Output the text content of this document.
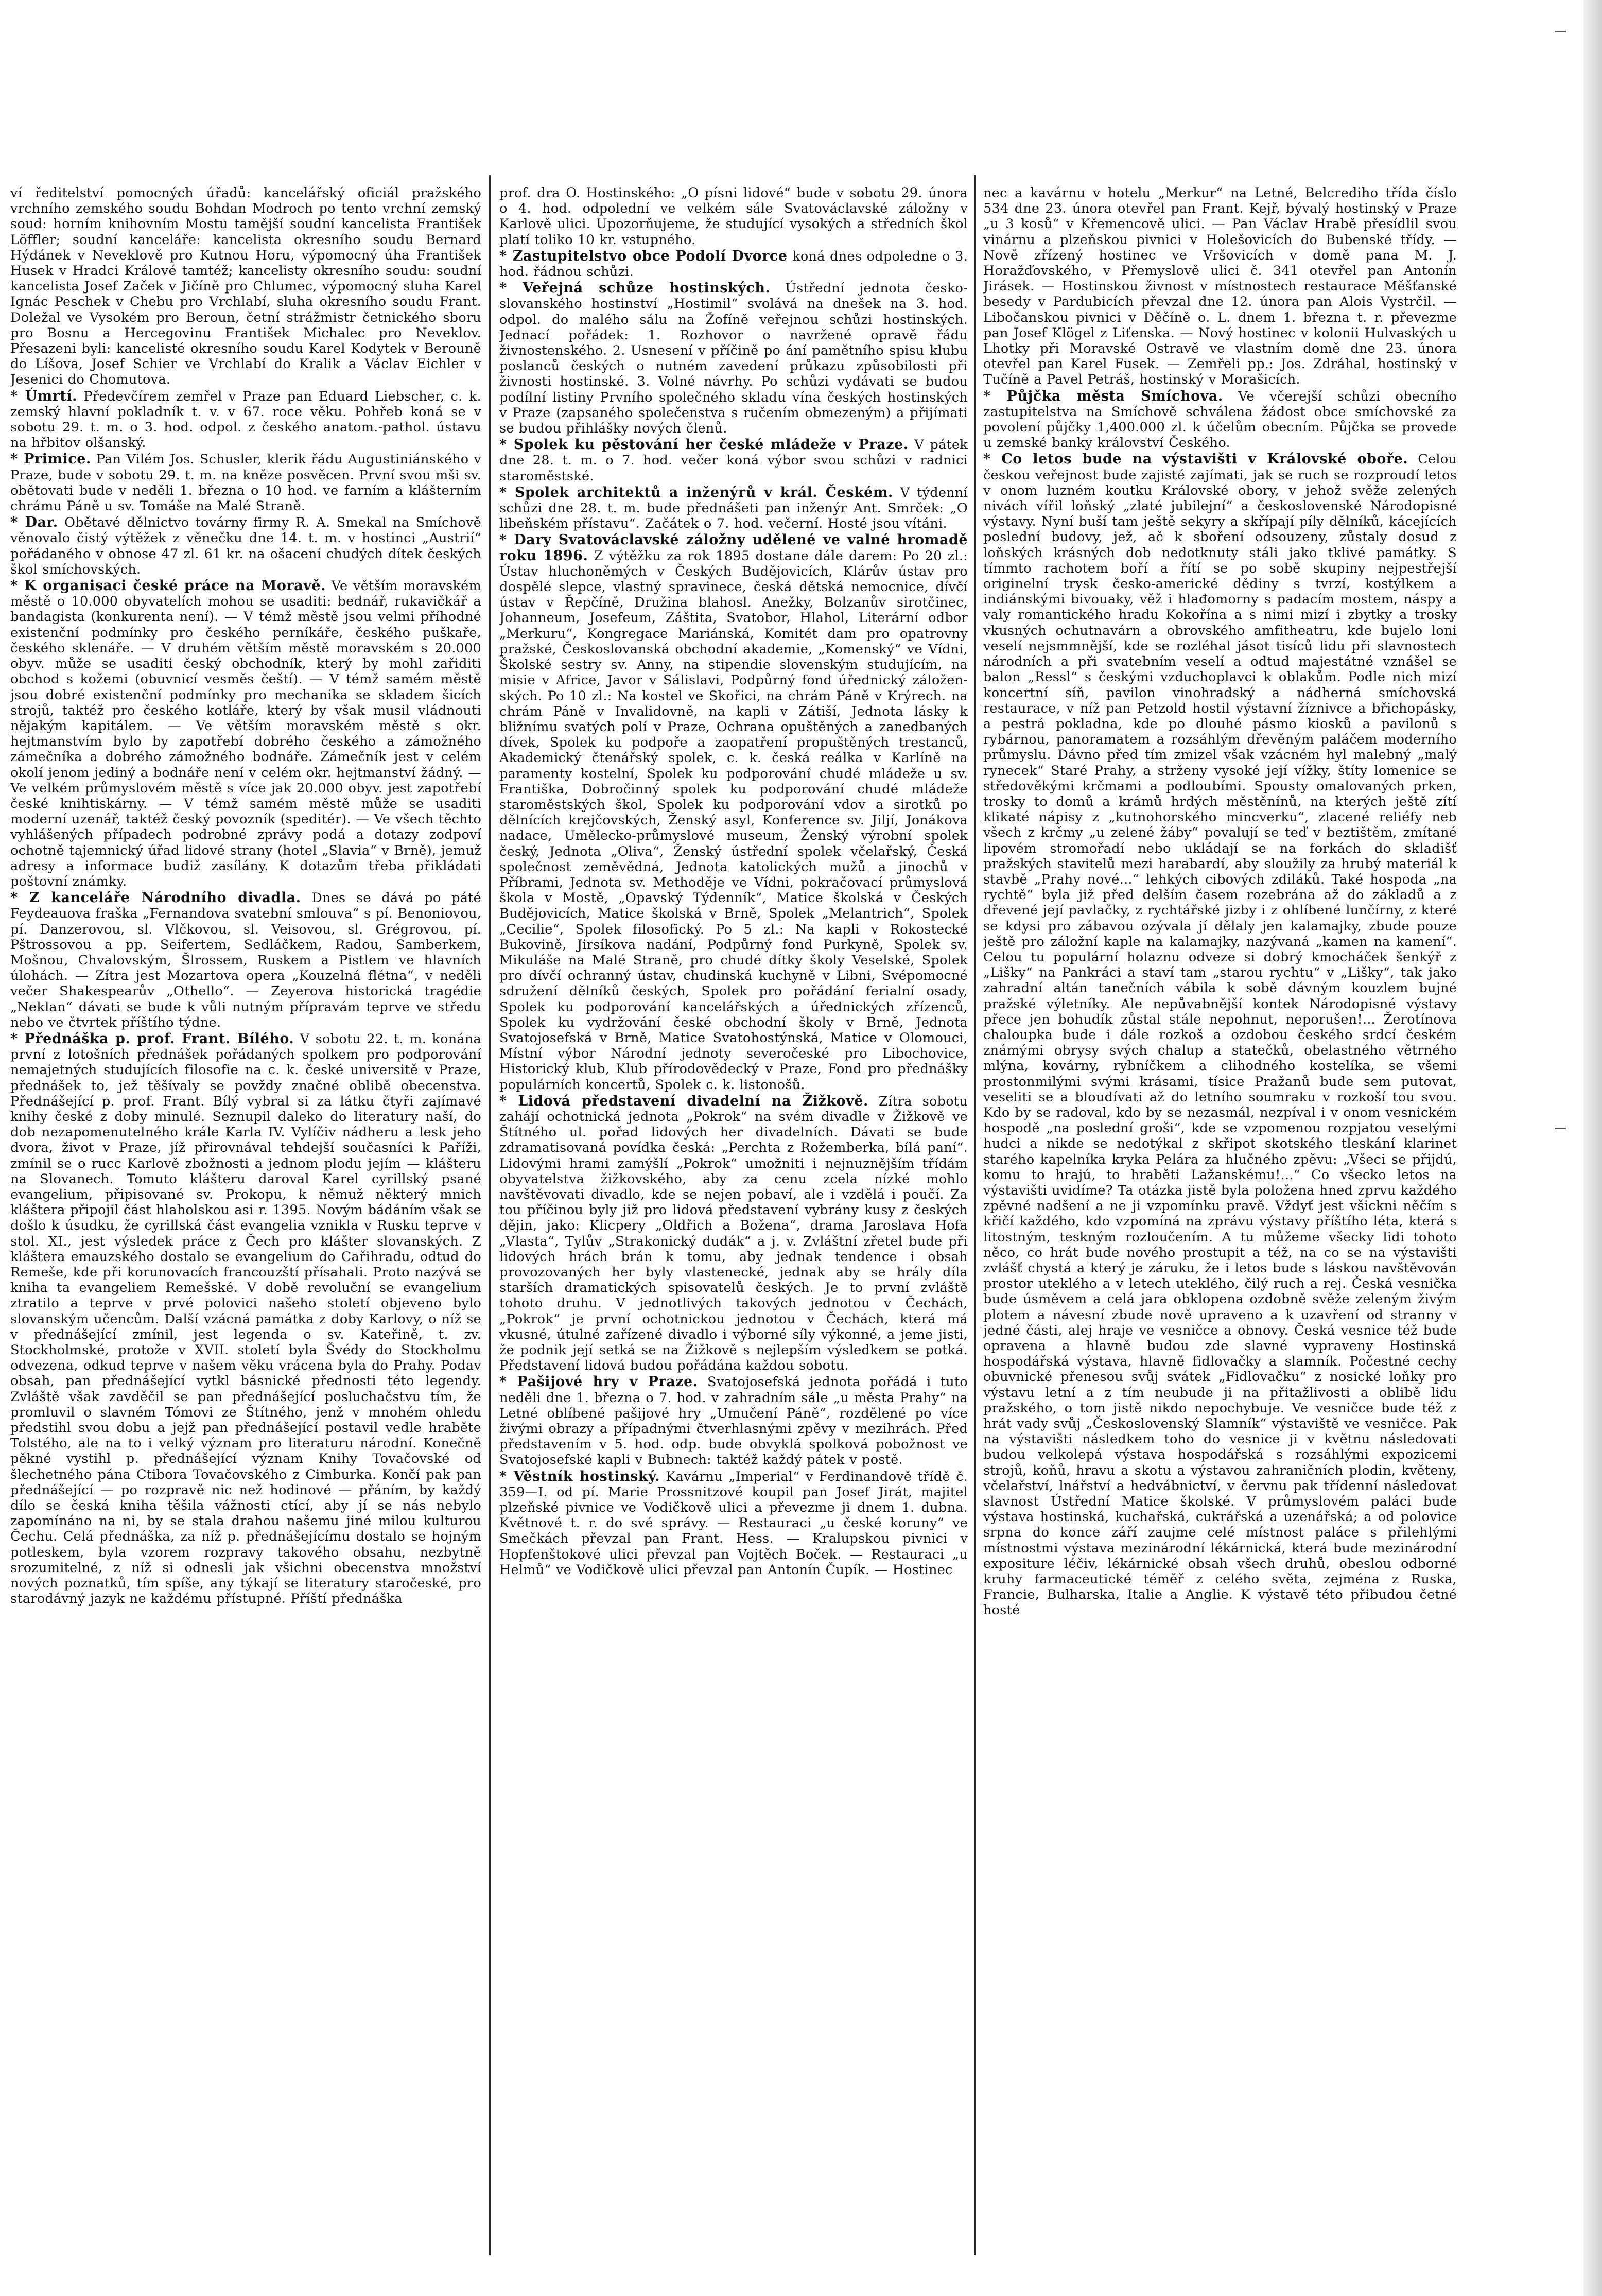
ví ředitelství pomocných úřadů: kancelářský oficiál pražského vrchního zemského soudu Bohdan Modroch po tento vrchní zemský soud: horním knihovním Mostu tamější soudní kancelista František Löffler; soudní kanceláře: kancelista okresního soudu Bernard Hýdánek v Neveklově pro Kutnou Horu, výpomocný úha František Husek v Hradci Králové tamtéž; kancelisty okresního soudu: soudní kancelista Josef Začek v Jičíně pro Chlumec, výpomocný sluha Karel Ignác Peschek v Chebu pro Vrchlabí, sluha okresního soudu Frant. Doležal ve Vysokém pro Beroun, četní strážmistr četnického sboru pro Bosnu a Hercegovinu František Michalec pro Neveklov. Přesazeni byli: kancelisté okresního soudu Karel Kodytek v Berouně do Líšova, Josef Schier ve Vrchlabí do Kralik a Václav Eichler v Jesenici do Chomutova.

* Úmrtí. Předevčírem zemřel v Praze pan Eduard Liebscher, c. k. zemský hlavní pokladník t. v. v 67. roce věku. Pohřeb koná se v sobotu 29. t. m. o 3. hod. odpol. z českého anatom.-pathol. ústavu na hřbitov olšanský.

* Primice. Pan Vilém Jos. Schusler, klerik řádu Augustiniánského v Praze, bude v sobotu 29. t. m. na kněze posvěcen. První svou mši sv. obětovati bude v neděli 1. března o 10 hod. ve farním a klášterním chrámu Páně u sv. Tomáše na Malé Straně.

* Dar. Obětavé dělnictvo továrny firmy R. A. Smekal na Smíchově věnovalo čistý výtěžek z věnečku dne 14. t. m. v hostinci „Austrií“ pořádaného v obnose 47 zl. 61 kr. na ošacení chudých dítek českých škol smíchovských.

* K organisaci české práce na Moravě. Ve větším moravském městě o 10.000 obyvatelích mohou se usaditi: bednář, rukavičkář a bandagista (konkurenta není). — V témž městě jsou velmi příhodné existenční podmínky pro českého perníkáře, českého puškaře, českého sklenáře. — V druhém větším městě moravském s 20.000 obyv. může se usaditi český obchodník, který by mohl zařiditi obchod s kožemi (obuvnicí vesměs čeští). — V témž samém městě jsou dobré existenční podmínky pro mechanika se skladem šicích strojů, taktéž pro českého kotláře, který by však musil vládnouti nějakým kapitálem. — Ve větším moravském městě s okr. hejtmanstvím bylo by zapotřebí dobrého českého a zámožného zámečníka a dobrého zámožného bodnáře. Zámečník jest v celém okolí jenom jediný a bodnáře není v celém okr. hejtmanství žádný. — Ve velkém průmyslovém městě s více jak 20.000 obyv. jest zapotřebí české knihtiskárny. — V témž samém městě může se usaditi moderní uzenář, taktéž český povozník (speditér). — Ve všech těchto vyhlášených případech podrobné zprávy podá a dotazy zodpoví ochotně tajemnický úřad lidové strany (hotel „Slavia“ v Brně), jemuž adresy a informace budiž zasílány. K dotazům třeba přikládati poštovní známky.

* Z kanceláře Národního divadla. Dnes se dává po páté Feydeauova fraška „Fernandova svatební smlouva“ s pí. Benoniovou, pí. Danzerovou, sl. Vlčkovou, sl. Veisovou, sl. Grégrovou, pí. Pštrossovou a pp. Seifertem, Sedláčkem, Radou, Samberkem, Mošnou, Chvalovským, Šlrossem, Ruskem a Pistlem ve hlavních úlohách. — Zítra jest Mozartova opera „Kouzelná flétna“, v neděli večer Shakespearův „Othello“. — Zeyerova historická tragédie „Neklan“ dávati se bude k vůli nutným přípravám teprve ve středu nebo ve čtvrtek příštího týdne.

* Přednáška p. prof. Frant. Bílého. V sobotu 22. t. m. konána první z lotošních přednášek pořádaných spolkem pro podporování nemajetných studujících filosofie na c. k. české universitě v Praze, přednášek to, jež těšívaly se povždy značné oblibě obecenstva. Přednášející p. prof. Frant. Bílý vybral si za látku čtyři zajímavé knihy české z doby minulé. Seznupil daleko do literatury naší, do dob nezapomenutelného krále Karla IV. Vylíčiv nádheru a lesk jeho dvora, život v Praze, jíž přirovnával tehdejší současníci k Paříži, zmínil se o rucc Karlově zbožnosti a jednom plodu jejím — klášteru na Slovanech. Tomuto klášteru daroval Karel cyrillský psané evangelium, připisované sv. Prokopu, k němuž některý mnich kláštera připojil část hlaholskou asi r. 1395. Novým bádáním však se došlo k úsudku, že cyrillská část evangelia vznikla v Rusku teprve v stol. XI., jest výsledek práce z Čech pro klášter slovanských. Z kláštera emauzského dostalo se evangelium do Cařihradu, odtud do Remeše, kde při korunovacích francouzští přísahali. Proto nazývá se kniha ta evangeliem Remešské. V době revoluční se evangelium ztratilo a teprve v prvé polovici našeho století objeveno bylo slovanským učencům. Další vzácná památka z doby Karlovy, o níž se v přednášející zmínil, jest legenda o sv. Kateřině, t. zv. Stockholmské, protože v XVII. století byla Švédy do Stockholmu odvezena, odkud teprve v našem věku vrácena byla do Prahy. Podav obsah, pan přednášející vytkl básnické přednosti této legendy. Zvláště však zavděčil se pan přednášející posluchačstvu tím, že promluvil o slavném Tómovi ze Štítného, jenž v mnohém ohledu předstihl svou dobu a jejž pan přednášející postavil vedle hraběte Tolstého, ale na to i velký význam pro literaturu národní. Konečně pěkné vystihl p. přednášející význam Knihy Tovačovské od šlechetného pána Ctibora Tovačovského z Cimburka. Končí pak pan přednášející — po rozpravě nic než hodinové — přáním, by každý dílo se česká kniha těšila vážnosti ctící, aby jí se nás nebylo zapomínáno na ni, by se stala drahou našemu jiné milou kulturou Čechu. Celá přednáška, za níž p. přednášejícímu dostalo se hojným potleskem, byla vzorem rozpravy takového obsahu, nezbytně srozumitelné, z níž si odnesli jak všichni obecenstva množství nových poznatků, tím spíše, any týkají se literatury staročeské, pro starodávný jazyk ne každému přístupné. Příští přednáška

prof. dra O. Hostinského: „O písni lidové“ bude v sobotu 29. února o 4. hod. odpolední ve velkém sále Svatováclavské záložny v Karlově ulici. Upozorňujeme, že studující vysokých a středních škol platí toliko 10 kr. vstupného.

* Zastupitelstvo obce Podolí Dvorce koná dnes odpoledne o 3. hod. řádnou schůzi.

* Veřejná schůze hostinských. Ústřední jednota česko-slovanského hostinství „Hostimil“ svolává na dnešek na 3. hod. odpol. do malého sálu na Žofíně veřejnou schůzi hostinských. Jednací pořádek: 1. Rozhovor o navržené opravě řádu živnostenského. 2. Usnesení v příčině po ání pamětního spisu klubu poslanců českých o nutném zavedení průkazu způsobilosti při živnosti hostinské. 3. Volné návrhy. Po schůzi vydávati se budou podílní listiny Prvního společného skladu vína českých hostinských v Praze (zapsaného společenstva s ručením obmezeným) a přijímati se budou přihlášky nových členů.

* Spolek ku pěstování her české mládeže v Praze. V pátek dne 28. t. m. o 7. hod. večer koná výbor svou schůzi v radnici staroměstské.

* Spolek architektů a inženýrů v král. Českém. V týdenní schůzi dne 28. t. m. bude přednášeti pan inženýr Ant. Smrček: „O libeňském přístavu“. Začátek o 7. hod. večerní. Hosté jsou vítáni.

* Dary Svatováclavské záložny udělené ve valné hromadě roku 1896. Z výtěžku za rok 1895 dostane dále darem: Po 20 zl.: Ústav hluchoněmých v Českých Budějovicích, Klárův ústav pro dospělé slepce, vlastný spravinece, česká dětská nemocnice, dívčí ústav v Řepčíně, Družina blahosl. Anežky, Bolzanův sirotčinec, Johanneum, Josefeum, Záštita, Svatobor, Hlahol, Literární odbor „Merkuru“, Kongregace Mariánská, Komitét dam pro opatrovny pražské, Českoslovanská obchodní akademie, „Komenský“ ve Vídni, Školské sestry sv. Anny, na stipendie slovenským studujícím, na misie v Africe, Javor v Sálislavi, Podpůrný fond úřednický záloženských. Po 10 zl.: Na kostel ve Skořici, na chrám Páně v Krýrech. na chrám Páně v Invalidovně, na kapli v Zátiší, Jednota lásky k bližnímu svatých polí v Praze, Ochrana opuštěných a zanedbaných dívek, Spolek ku podpoře a zaopatření propuštěných trestanců, Akademický čtenářský spolek, c. k. česká reálka v Karlíně na paramenty kostelní, Spolek ku podporování chudé mládeže u sv. Františka, Dobročinný spolek ku podporování chudé mládeže staroměstských škol, Spolek ku podporování vdov a sirotků po dělnících krejčovských, Ženský asyl, Konference sv. Jiljí, Jonákova nadace, Umělecko-průmyslové museum, Ženský výrobní spolek český, Jednota „Oliva“, Ženský ústřední spolek včelařský, Česká společnost zeměvědná, Jednota katolických mužů a jinochů v Příbrami, Jednota sv. Methoděje ve Vídni, pokračovací průmyslová škola v Mostě, „Opavský Týdenník“, Matice školská v Českých Budějovicích, Matice školská v Brně, Spolek „Melantrich“, Spolek „Cecilie“, Spolek filosofický. Po 5 zl.: Na kapli v Rokostecké Bukovině, Jirsíkova nadání, Podpůrný fond Purkyně, Spolek sv. Mikuláše na Malé Straně, pro chudé dítky školy Veselské, Spolek pro dívčí ochranný ústav, chudinská kuchyně v Libni, Svépomocné sdružení dělníků českých, Spolek pro pořádání ferialní osady, Spolek ku podporování kancelářských a úřednických zřízenců, Spolek ku vydržování české obchodní školy v Brně, Jednota Svatojosefská v Brně, Matice Svatohostýnská, Matice v Olomouci, Místní výbor Národní jednoty severočeské pro Libochovice, Historický klub, Klub přírodovědecký v Praze, Fond pro přednášky populárních koncertů, Spolek c. k. listonošů.

* Lidová představení divadelní na Žižkově. Zítra sobotu zahájí ochotnická jednota „Pokrok“ na svém divadle v Žižkově ve Štítného ul. pořad lidových her divadelních. Dávati se bude zdramatisovaná povídka česká: „Perchta z Rožemberka, bílá paní“. Lidovými hrami zamýšlí „Pokrok“ umožniti i nejnuznějším třídám obyvatelstva žižkovského, aby za cenu zcela nízké mohlo navštěvovati divadlo, kde se nejen pobaví, ale i vzdělá i poučí. Za tou příčinou byly již pro lidová představení vybrány kusy z českých dějin, jako: Klicpery „Oldřich a Božena“, drama Jaroslava Hofa „Vlasta“, Tylův „Strakonický dudák“ a j. v. Zvláštní zřetel bude při lidových hrách brán k tomu, aby jednak tendence i obsah provozovaných her byly vlastenecké, jednak aby se hrály díla starších dramatických spisovatelů českých. Je to první zvláště tohoto druhu. V jednotlivých takových jednotou v Čechách, „Pokrok“ je první ochotnickou jednotou v Čechách, která má vkusné, útulné zařízené divadlo i výborné síly výkonné, a jeme jisti, že podnik její setká se na Žižkově s nejlepším výsledkem se potká. Představení lidová budou pořádána každou sobotu.

* Pašijové hry v Praze. Svatojosefská jednota pořádá i tuto neděli dne 1. března o 7. hod. v zahradním sále „u města Prahy“ na Letné oblíbené pašijové hry „Umučení Páně“, rozdělené po více živými obrazy a případnými čtverhlasnými zpěvy v mezihrách. Před představením v 5. hod. odp. bude obvyklá spolková pobožnost ve Svatojosefské kapli v Bubnech: taktéž každý pátek v postě.

* Věstník hostinský. Kavárnu „Imperial“ v Ferdinandově třídě č. 359—I. od pí. Marie Prossnitzové koupil pan Josef Jirát, majitel plzeňské pivnice ve Vodičkově ulici a převezme ji dnem 1. dubna. Květnové t. r. do své správy. — Restauraci „u české koruny“ ve Smečkách převzal pan Frant. Hess. — Kralupskou pivnici v Hopfenštokové ulici převzal pan Vojtěch Boček. — Restauraci „u Helmů“ ve Vodičkově ulici převzal pan Antonín Čupík. — Hostinec

nec a kavárnu v hotelu „Merkur“ na Letné, Belcrediho třída číslo 534 dne 23. února otevřel pan Frant. Kejř, bývalý hostinský v Praze „u 3 kosů“ v Křemencově ulici. — Pan Václav Hrabě přesídlil svou vinárnu a plzeňskou pivnici v Holešovicích do Bubenské třídy. — Nově zřízený hostinec ve Vršovicích v domě pana M. J. Horažďovského, v Přemyslově ulici č. 341 otevřel pan Antonín Jirásek. — Hostinskou živnost v místnostech restaurace Měšťanské besedy v Pardubicích převzal dne 12. února pan Alois Vystrčil. — Libočanskou pivnici v Děčíně o. L. dnem 1. března t. r. převezme pan Josef Klögel z Liťenska. — Nový hostinec v kolonii Hulvaských u Lhotky při Moravské Ostravě ve vlastním domě dne 23. února otevřel pan Karel Fusek. — Zemřeli pp.: Jos. Zdráhal, hostinský v Tučíně a Pavel Petráš, hostinský v Morašicích.

* Půjčka města Smíchova. Ve včerejší schůzi obecního zastupitelstva na Smíchově schválena žádost obce smíchovské za povolení půjčky 1,400.000 zl. k účelům obecním. Půjčka se provede u zemské banky království Českého.

* Co letos bude na výstavišti v Královské oboře. Celou českou veřejnost bude zajisté zajímati, jak se ruch se rozproudí letos v onom luzném koutku Královské obory, v jehož svěže zelených nivách vířil loňský „zlaté jubilejní“ a československé Národopisné výstavy. Nyní buší tam ještě sekyry a skřípají píly dělníků, kácejících poslední budovy, jež, ač k sboření odsouzeny, zůstaly dosud z loňských krásných dob nedotknuty stáli jako tklivé památky. S tímmto rachotem boří a řítí se po sobě skupiny nejpestřejší originelní trysk česko-americké dědiny s tvrzí, kostýlkem a indiánskými bivouaky, věž i hlađomorny s padacím mostem, náspy a valy romantického hradu Kokořína a s nimi mizí i zbytky a trosky vkusných ochutnavárn a obrovského amfitheatru, kde bujelo loni veselí nejsmmnější, kde se rozléhal jásot tisíců lidu při slavnostech národních a při svatebním veselí a odtud majestátné vznášel se balon „Ressl“ s českými vzduchoplavci k oblakům. Podle nich mizí koncertní síň, pavilon vinohradský a nádherná smíchovská restaurace, v níž pan Petzold hostil výstavní žíznivce a břichopásky, a pestrá pokladna, kde po dlouhé pásmo kiosků a pavilonů s rybárnou, panoramatem a rozsáhlým dřevěným paláčem moderního průmyslu. Dávno před tím zmizel však vzácném hyl malebný „malý rynecek“ Staré Prahy, a strženy vysoké její vížky, štíty lomenice se středověkými krčmami a podloubími. Spousty omalovaných prken, trosky to domů a krámů hrdých městěnínů, na kterých ještě zítí klikaté nápisy z „kutnohorského mincverku“, zlacené reliéfy neb všech z krčmy „u zelené žáby“ povalují se teď v beztištěm, zmítané lipovém stromořadí nebo ukládají se na forkách do skladišť pražských stavitelů mezi harabardí, aby sloužily za hrubý materiál k stavbě „Prahy nové...“ lehkých cibových zdiláků. Také hospoda „na rychtě“ byla již před delším časem rozebrána až do základů a z dřevené její pavlačky, z rychtářské jizby i z ohlíbené lunčírny, z které se kdysi pro zábavou ozývala jí dělaly jen kalamajky, zbude pouze ještě pro záložní kaple na kalamajky, nazývaná „kamen na kamení“. Celou tu populární holaznu odveze si dobrý kmocháček šenkýř z „Lišky“ na Pankráci a staví tam „starou rychtu“ v „Lišky“, tak jako zahradní altán tanečních vábila k sobě dávným kouzlem bujné pražské výletníky. Ale nepůvabnější kontek Národopisné výstavy přece jen bohudík zůstal stále nepohnut, neporušen!... Žerotínova chaloupka bude i dále rozkoš a ozdobou českého srdcí českém známými obrysy svých chalup a statečků, obelastného větrného mlýna, kovárny, rybníčkem a clihodného kostelíka, se všemi prostonmilými svými krásami, tísice Pražanů bude sem putovat, veseliti se a bloudívati až do letního soumraku v rozkoší tou svou. Kdo by se radoval, kdo by se nezasmál, nezpíval i v onom vesnickém hospodě „na poslední groši“, kde se vzpomenou rozpjatou veselými hudci a nikde se nedotýkal z skřipot skotského tleskání klarinet starého kapelníka kryka Pelára za hlučného zpěvu: „Všeci se přijdú, komu to hrajú, to hraběti Lažanskému!...“ Co všecko letos na výstavišti uvidíme? Ta otázka jistě byla položena hned zprvu každého zpěvné nadšení a ne ji vzpomínku pravě. Vždyť jest všickni něčím s křičí každého, kdo vzpomíná na zprávu výstavy příštího léta, která s litostným, teskným rozloučením. A tu můžeme všecky lidi tohoto něco, co hrát bude nového prostupit a též, na co se na výstavišti zvlášť chystá a který je záruku, že i letos bude s láskou navštěvován prostor uteklého a v letech uteklého, čilý ruch a rej. Česká vesnička bude úsměvem a celá jara obklopena ozdobně svěže zeleným živým plotem a návesní zbude nově upraveno a k uzavření od stranny v jedné části, alej hraje ve vesničce a obnovy. Česká vesnice též bude opravena a hlavně budou zde slavné vypraveny Hostinská hospodářská výstava, hlavně fidlovačky a slamník. Počestné cechy obuvnické přenesou svůj svátek „Fidlovačku“ z nosické loňky pro výstavu letní a z tím neubude ji na přitažlivosti a oblibě lidu pražského, o tom jistě nikdo nepochybuje. Ve vesničce bude též z hrát vady svůj „Československý Slamník“ výstaviště ve vesničce. Pak na výstavišti následkem toho do vesnice ji v květnu následovati budou velkolepá výstava hospodářská s rozsáhlými expozicemi strojů, koňů, hravu a skotu a výstavou zahraničních plodin, květeny, včelařství, lnářství a hedvábnictví, v červnu pak třídenní následovat slavnost Ústřední Matice školské. V průmyslovém paláci bude výstava hostinská, kuchařská, cukrářská a uzenářská; a od polovice srpna do konce září zaujme celé místnost paláce s přilehlými místnostmi výstava mezinárodní lékárnická, která bude mezinárodní expositure léčiv, lékárnické obsah všech druhů, obeslou odborné kruhy farmaceutické téměř z celého světa, zejména z Ruska, Francie, Bulharska, Italie a Anglie. K výstavě této přibudou četné hosté
